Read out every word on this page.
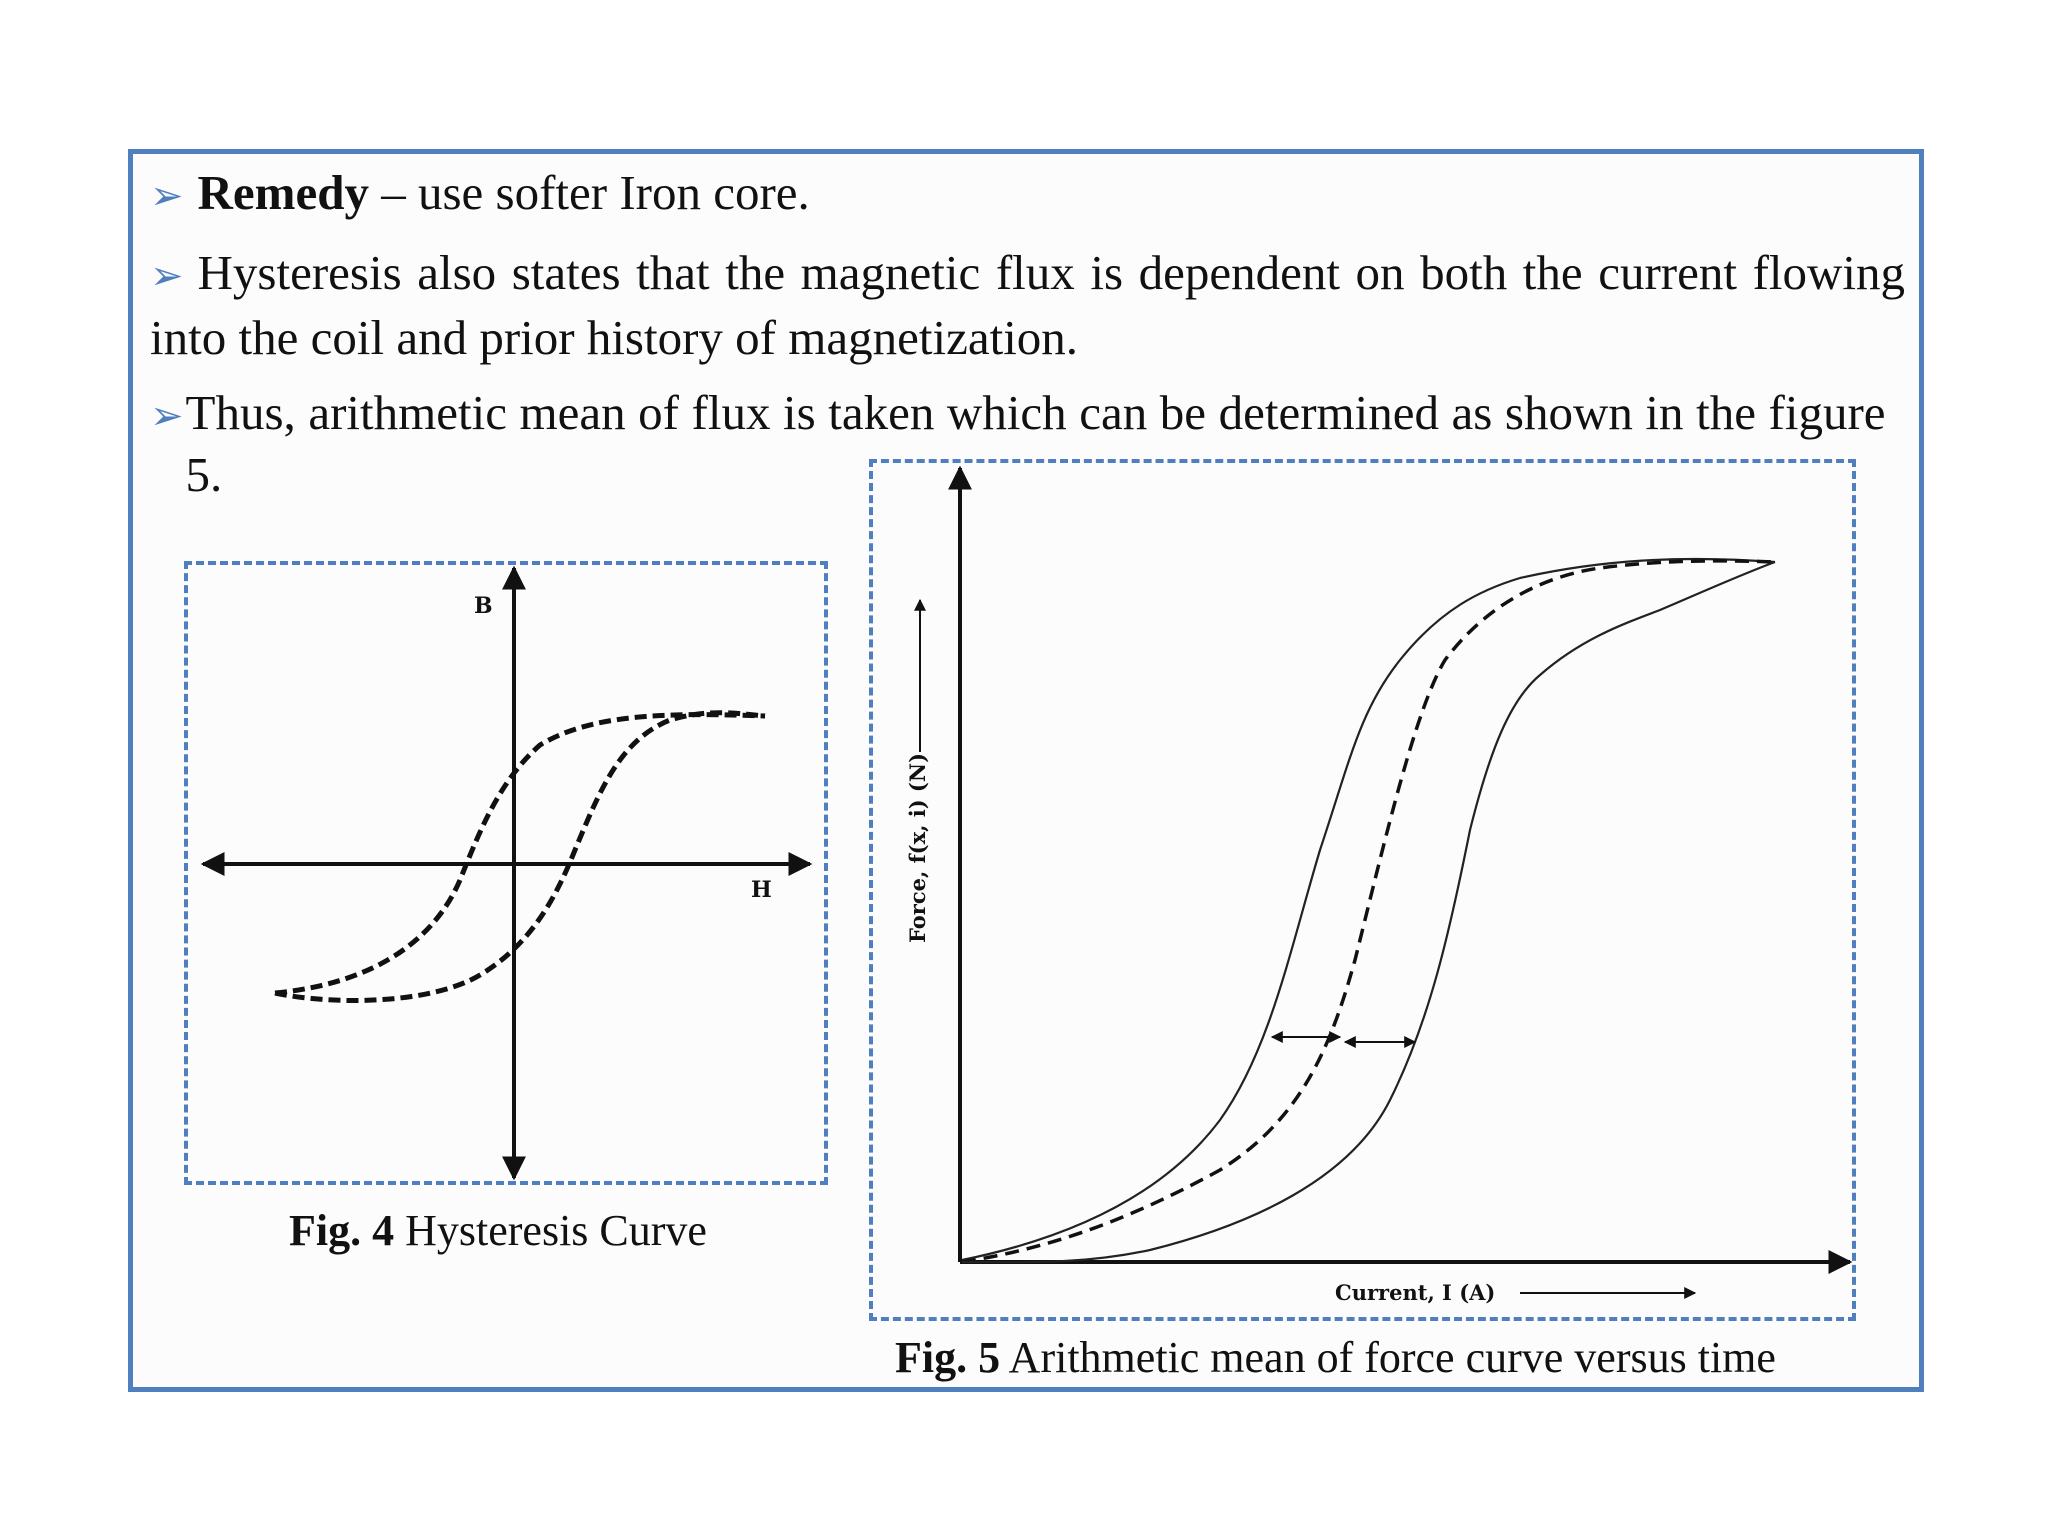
➢ Remedy – use softer Iron core.
➢ Hysteresis also states that the magnetic flux is dependent on both the current flowing into the coil and prior history of magnetization.
➢Thus, arithmetic mean of flux is taken which can be determined as shown in the figure 5.
B
H	Force, f(x, i) (N)
Current, I (A)
Fig. 4 Hysteresis Curve
Fig. 5 Arithmetic mean of force curve versus time
